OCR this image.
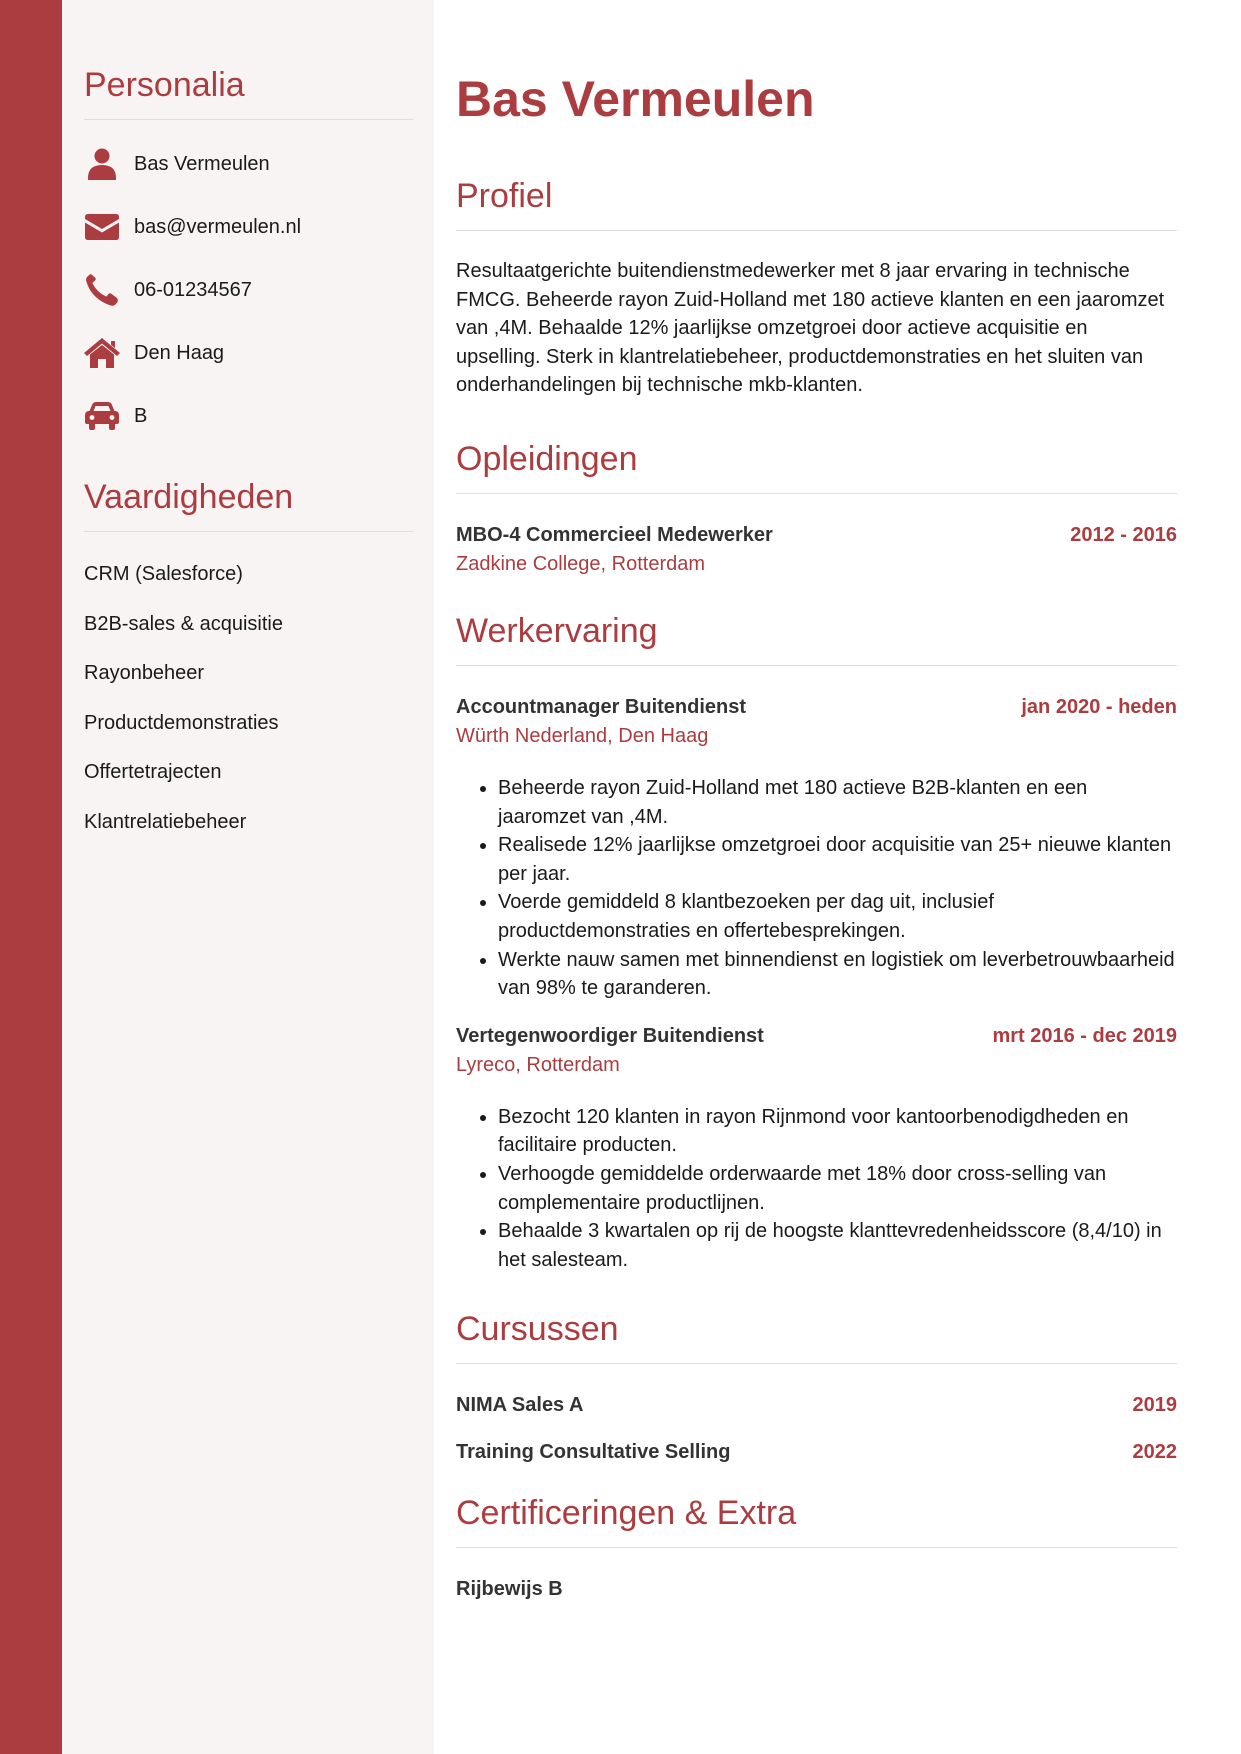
Personalia
Bas Vermeulen
bas@vermeulen.nl
06-01234567
Den Haag
B
Vaardigheden
CRM (Salesforce)
B2B-sales & acquisitie
Rayonbeheer
Productdemonstraties
Offertetrajecten
Klantrelatiebeheer
Bas Vermeulen
Profiel

Resultaatgerichte buitendienstmedewerker met 8 jaar ervaring in technische FMCG. Beheerde rayon Zuid-Holland met 180 actieve klanten en een jaaromzet van ,4M. Behaalde 12% jaarlijkse omzetgroei door actieve acquisitie en upselling. Sterk in klantrelatiebeheer, productdemonstraties en het sluiten van onderhandelingen bij technische mkb-klanten.

Opleidingen
MBO-4 Commercieel Medewerker	2012 - 2016
Zadkine College, Rotterdam
Werkervaring
Accountmanager Buitendienst	jan 2020 - heden
Würth Nederland, Den Haag
• Beheerde rayon Zuid-Holland met 180 actieve B2B-klanten en een jaaromzet van ,4M.
• Realisede 12% jaarlijkse omzetgroei door acquisitie van 25+ nieuwe klanten per jaar.
• Voerde gemiddeld 8 klantbezoeken per dag uit, inclusief productdemonstraties en offertebesprekingen.
• Werkte nauw samen met binnendienst en logistiek om leverbetrouwbaarheid van 98% te garanderen.
Vertegenwoordiger Buitendienst	mrt 2016 - dec 2019
Lyreco, Rotterdam
• Bezocht 120 klanten in rayon Rijnmond voor kantoorbenodigdheden en facilitaire producten.
• Verhoogde gemiddelde orderwaarde met 18% door cross-selling van complementaire productlijnen.
• Behaalde 3 kwartalen op rij de hoogste klanttevredenheidsscore (8,4/10) in het salesteam.
Cursussen
NIMA Sales A	2019
Training Consultative Selling	2022
Certificeringen & Extra
Rijbewijs B
